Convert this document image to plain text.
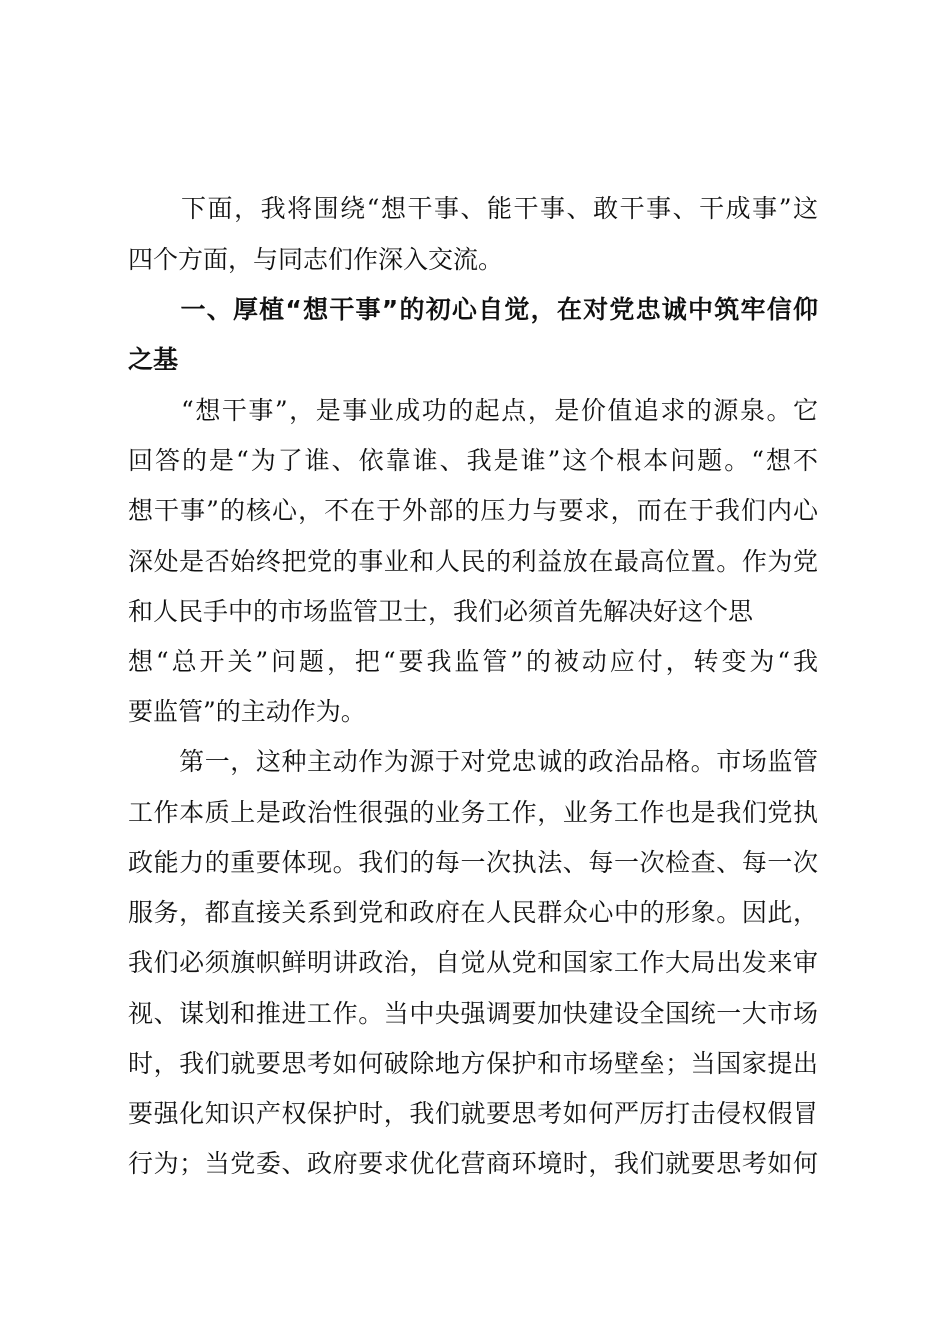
　　下面，我将围绕“想干事、能干事、敢干事、干成事”这
四个方面，与同志们作深入交流。
　　一、厚植“想干事”的初心自觉，在对党忠诚中筑牢信仰
之基
　　“想干事”，是事业成功的起点，是价值追求的源泉。它
回答的是“为了谁、依靠谁、我是谁”这个根本问题。“想不
想干事”的核心，不在于外部的压力与要求，而在于我们内心
深处是否始终把党的事业和人民的利益放在最高位置。作为党
和人民手中的市场监管卫士，我们必须首先解决好这个思
想“总开关”问题，把“要我监管”的被动应付，转变为“我
要监管”的主动作为。
　　第一，这种主动作为源于对党忠诚的政治品格。市场监管
工作本质上是政治性很强的业务工作，业务工作也是我们党执
政能力的重要体现。我们的每一次执法、每一次检查、每一次
服务，都直接关系到党和政府在人民群众心中的形象。因此，
我们必须旗帜鲜明讲政治，自觉从党和国家工作大局出发来审
视、谋划和推进工作。当中央强调要加快建设全国统一大市场
时，我们就要思考如何破除地方保护和市场壁垒；当国家提出
要强化知识产权保护时，我们就要思考如何严厉打击侵权假冒
行为；当党委、政府要求优化营商环境时，我们就要思考如何
